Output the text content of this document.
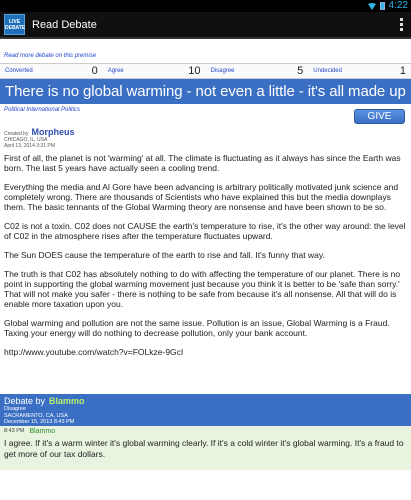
4:22
LIVE
DEBATE Read Debate
Read more debate on this premise
Converted	0 Agree	10 Disagree	5 Undecided	1
There is no global warming - not even a little - it's all made up
Political International Politics
GIVE
Created by Morpheus
CHICAGO, IL, USA
April 13, 2014 3:31 PM

First of all, the planet is not 'warming' at all. The climate is fluctuating as it always has since the Earth was born. The last 5 years have actually seen a cooling trend.

Everything the media and Al Gore have been advancing is arbitrary politically motivated junk science and completely wrong. There are thousands of Scientists who have explained this but the media downplays them. The basic tennants of the Global Warming theory are nonsense and have been shown to be so.

C02 is not a toxin. C02 does not CAUSE the earth's temperature to rise, it's the other way around: the level of C02 in the atmosphere rises after the temperature fluctuates upward.

The Sun DOES cause the temperature of the earth to rise and fall. It's funny that way.

The truth is that C02 has absolutely nothing to do with affecting the temperature of our planet. There is no point in supporting the global warming movement just because you think it is better to be 'safe than sorry.' That will not make you safer - there is nothing to be safe from because it's all nonsense. All that will do is enable more taxation upon you.

Global warming and pollution are not the same issue. Pollution is an issue, Global Warming is a Fraud. Taxing your energy will do nothing to decrease pollution, only your bank account.

http://www.youtube.com/watch?v=FOLkze-9GcI

Debate by Blammo
Disagree
SACRAMENTO, CA, USA
December 15, 2013 8:43 PM
8:43 PM Blammo

I agree. If it's a warm winter it's global warming clearly. If it's a cold winter it's global warming. It's a fraud to get more of our tax dollars.
